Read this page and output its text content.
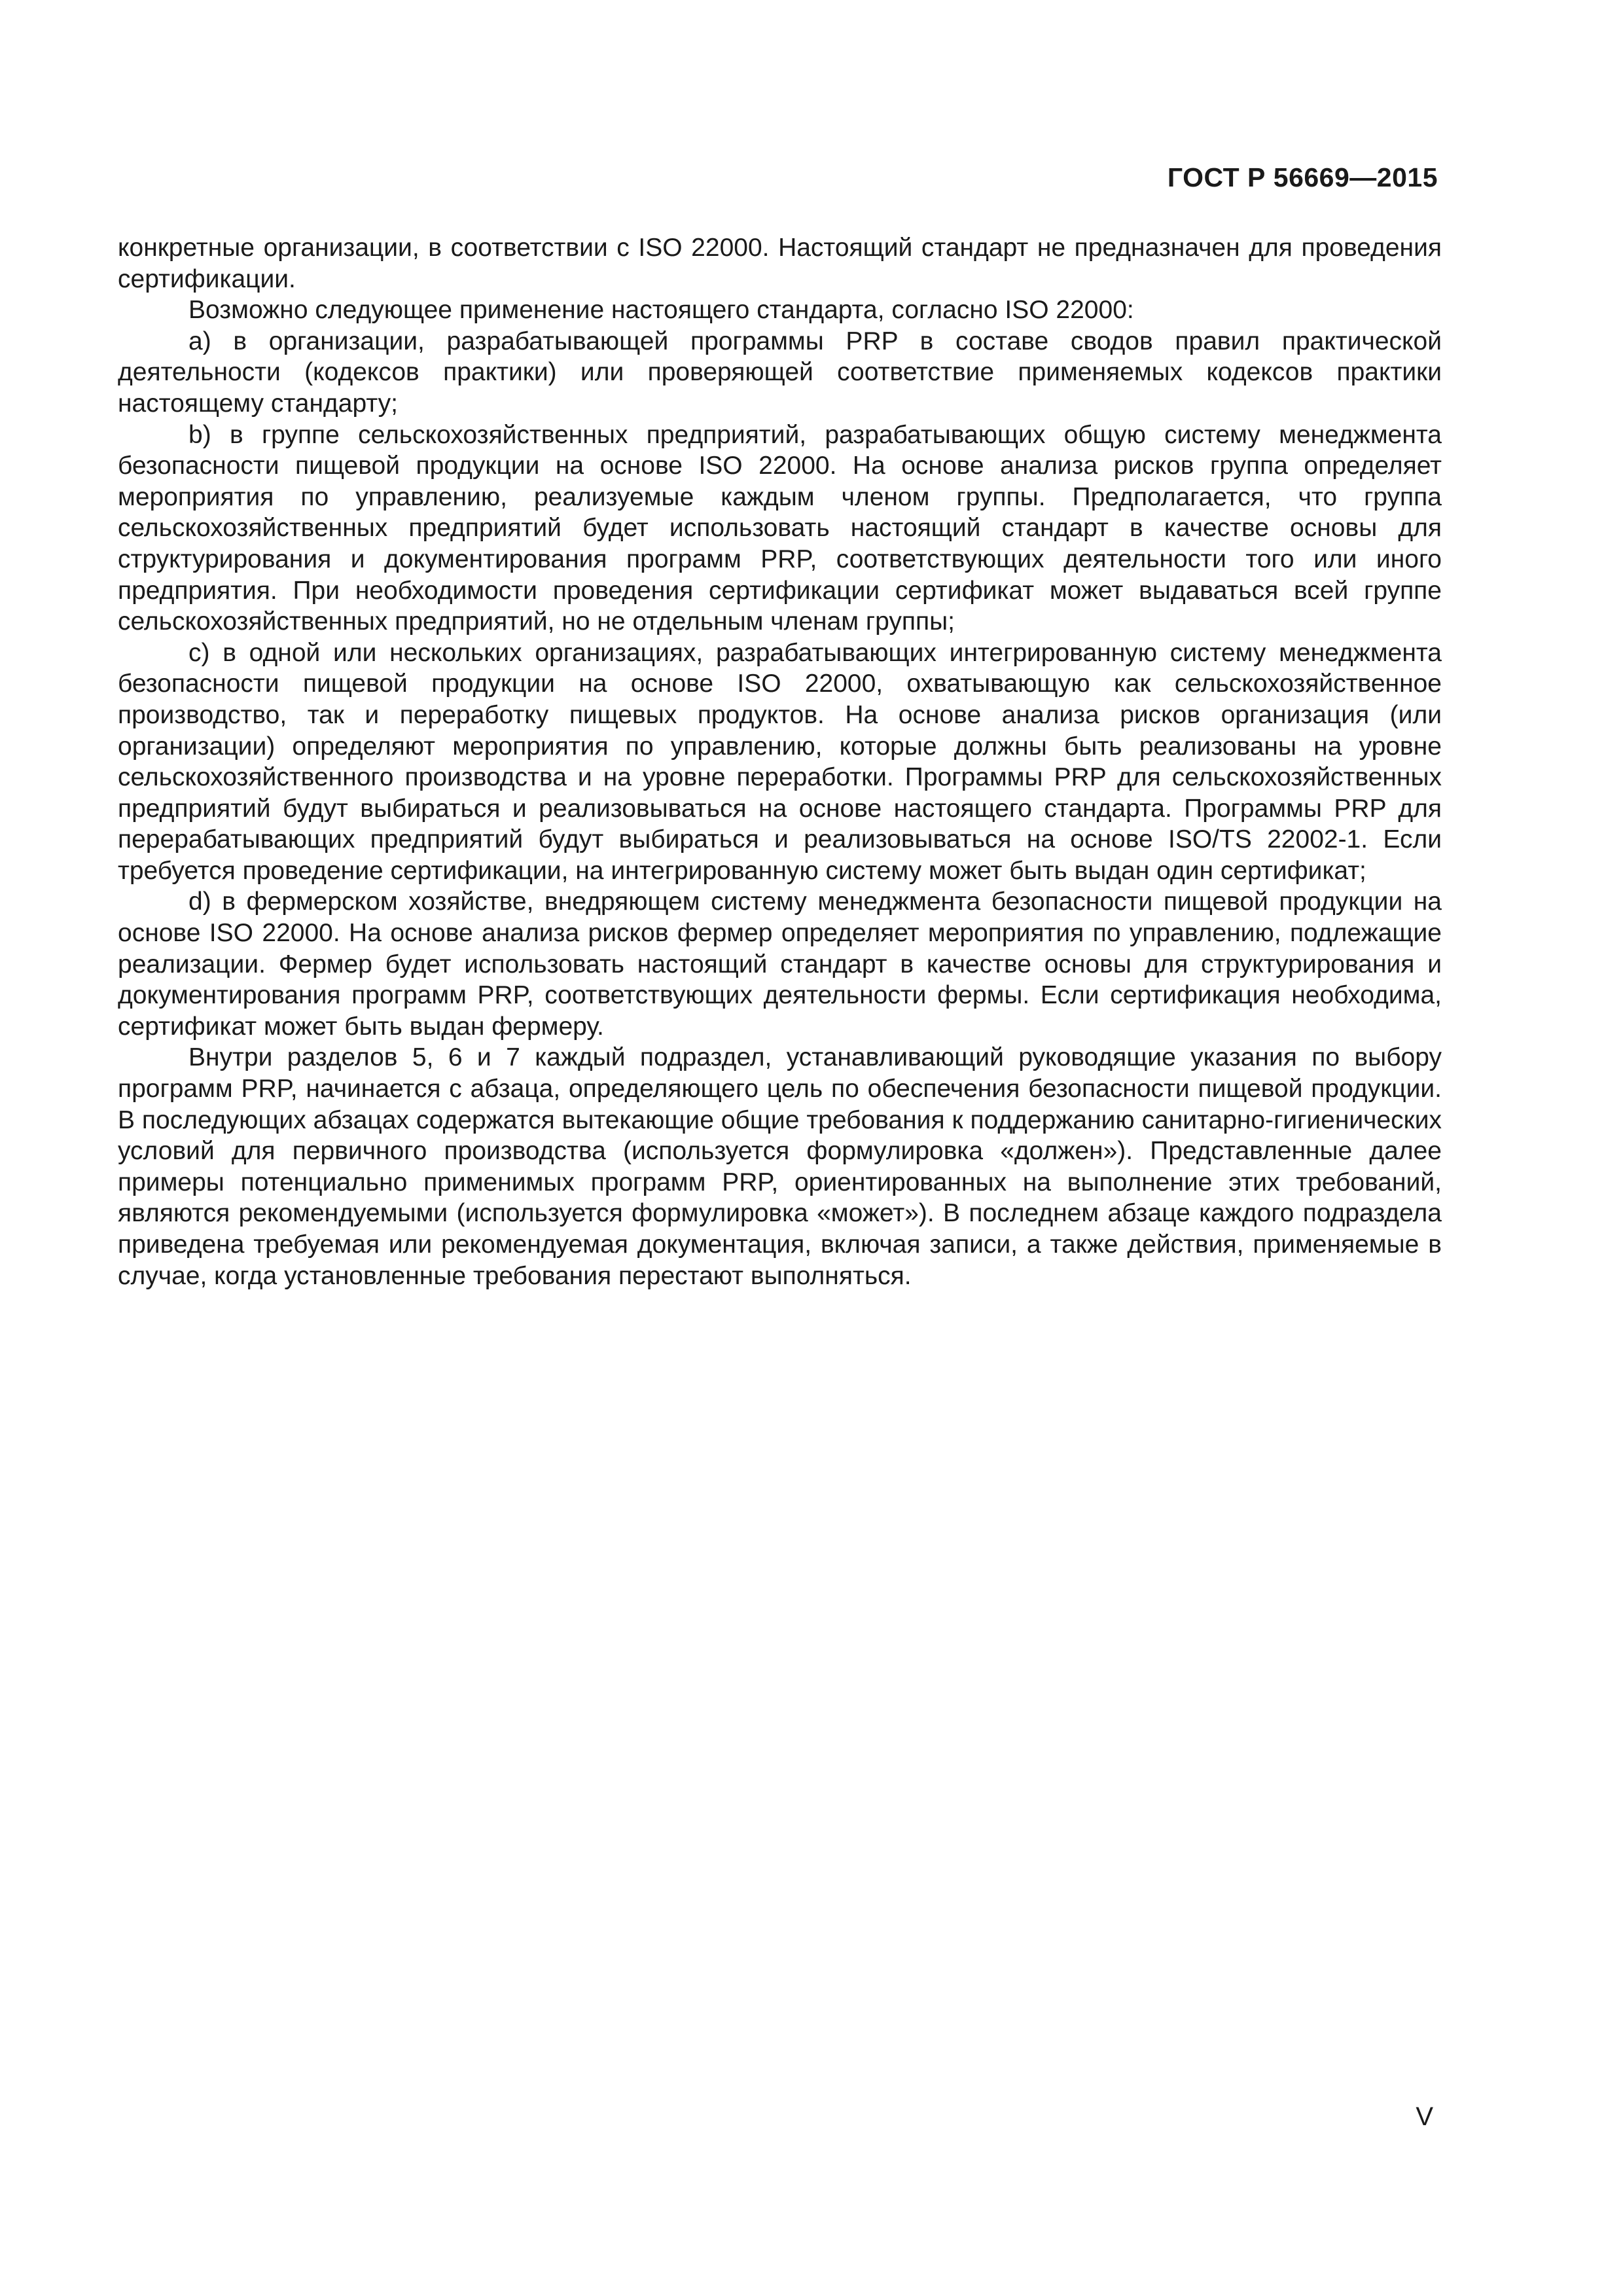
ГОСТ Р 56669—2015

конкретные организации, в соответствии с ISO 22000. Настоящий стандарт не предназначен для проведения сертификации.

Возможно следующее применение настоящего стандарта, согласно ISO 22000:

a) в организации, разрабатывающей программы PRP в составе сводов правил практической деятельности (кодексов практики) или проверяющей соответствие применяемых кодексов практики настоящему стандарту;

b) в группе сельскохозяйственных предприятий, разрабатывающих общую систему менеджмента безопасности пищевой продукции на основе ISO 22000. На основе анализа рисков группа определяет мероприятия по управлению, реализуемые каждым членом группы. Предполагается, что группа сельскохозяйственных предприятий будет использовать настоящий стандарт в качестве основы для структурирования и документирования программ PRP, соответствующих деятельности того или иного предприятия. При необходимости проведения сертификации сертификат может выдаваться всей группе сельскохозяйственных предприятий, но не отдельным членам группы;

c) в одной или нескольких организациях, разрабатывающих интегрированную систему менеджмента безопасности пищевой продукции на основе ISO 22000, охватывающую как сельскохозяйственное производство, так и переработку пищевых продуктов. На основе анализа рисков организация (или организации) определяют мероприятия по управлению, которые должны быть реализованы на уровне сельскохозяйственного производства и на уровне переработки. Программы PRP для сельскохозяйственных предприятий будут выбираться и реализовываться на основе настоящего стандарта. Программы PRP для перерабатывающих предприятий будут выбираться и реализовываться на основе ISO/TS 22002-1. Если требуется проведение сертификации, на интегрированную систему может быть выдан один сертификат;

d) в фермерском хозяйстве, внедряющем систему менеджмента безопасности пищевой продукции на основе ISO 22000. На основе анализа рисков фермер определяет мероприятия по управлению, подлежащие реализации. Фермер будет использовать настоящий стандарт в качестве основы для структурирования и документирования программ PRP, соответствующих деятельности фермы. Если сертификация необходима, сертификат может быть выдан фермеру.

Внутри разделов 5, 6 и 7 каждый подраздел, устанавливающий руководящие указания по выбору программ PRP, начинается с абзаца, определяющего цель по обеспечения безопасности пищевой продукции. В последующих абзацах содержатся вытекающие общие требования к поддержанию санитарно-гигиенических условий для первичного производства (используется формулировка «должен»). Представленные далее примеры потенциально применимых программ PRP, ориентированных на выполнение этих требований, являются рекомендуемыми (используется формулировка «может»). В последнем абзаце каждого подраздела приведена требуемая или рекомендуемая документация, включая записи, а также действия, применяемые в случае, когда установленные требования перестают выполняться.

V
